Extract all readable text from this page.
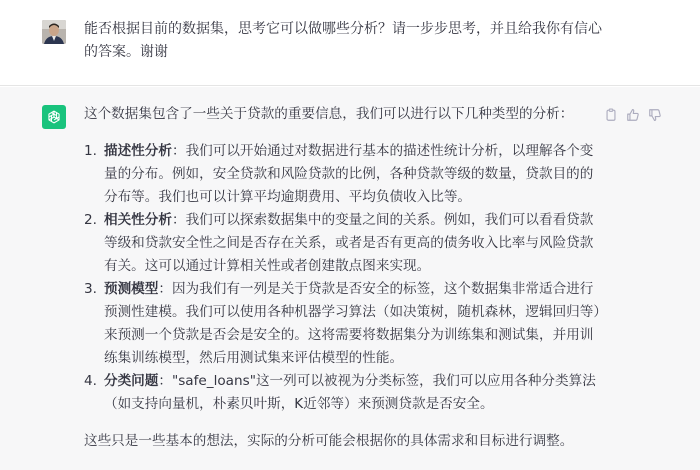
能否根据目前的数据集，思考它可以做哪些分析？请一步步思考，并且给我你有信心的答案。谢谢

这个数据集包含了一些关于贷款的重要信息，我们可以进行以下几种类型的分析：

1. 描述性分析：我们可以开始通过对数据进行基本的描述性统计分析，以理解各个变量的分布。例如，安全贷款和风险贷款的比例，各种贷款等级的数量，贷款目的的分布等。我们也可以计算平均逾期费用、平均负债收入比等。
2. 相关性分析：我们可以探索数据集中的变量之间的关系。例如，我们可以看看贷款等级和贷款安全性之间是否存在关系，或者是否有更高的债务收入比率与风险贷款有关。这可以通过计算相关性或者创建散点图来实现。
3. 预测模型：因为我们有一列是关于贷款是否安全的标签，这个数据集非常适合进行预测性建模。我们可以使用各种机器学习算法（如决策树，随机森林，逻辑回归等）来预测一个贷款是否会是安全的。这将需要将数据集分为训练集和测试集，并用训练集训练模型，然后用测试集来评估模型的性能。
4. 分类问题："safe_loans"这一列可以被视为分类标签，我们可以应用各种分类算法（如支持向量机，朴素贝叶斯，K近邻等）来预测贷款是否安全。

这些只是一些基本的想法，实际的分析可能会根据你的具体需求和目标进行调整。
